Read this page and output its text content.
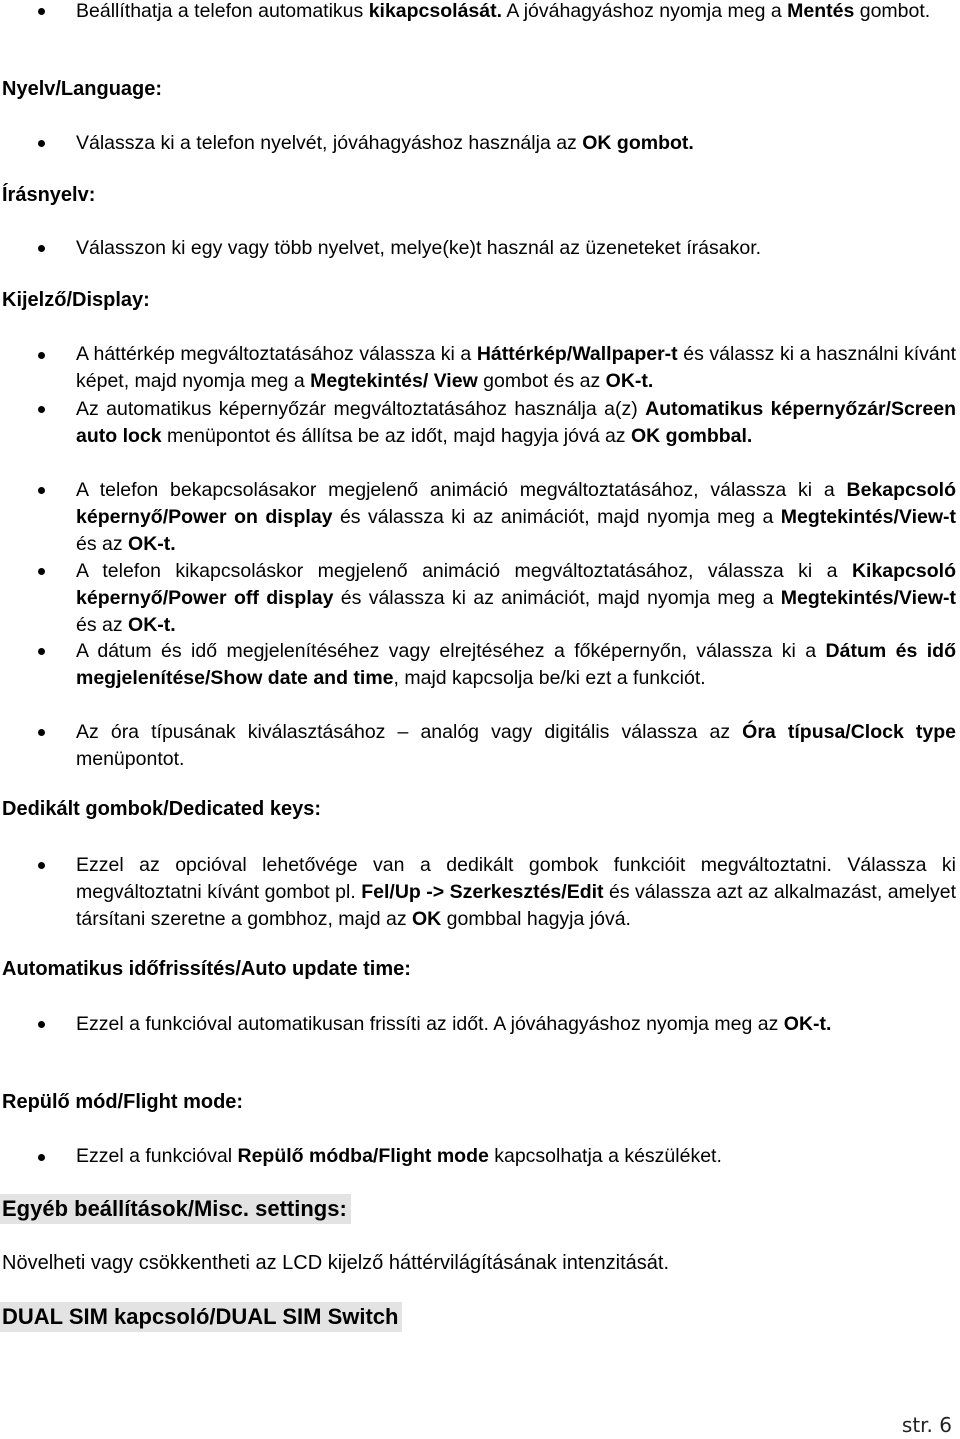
Beállíthatja a telefon automatikus kikapcsolását. A jóváhagyáshoz nyomja meg a Mentés gombot.
Nyelv/Language:
Válassza ki a telefon nyelvét, jóváhagyáshoz használja az OK gombot.
Írásnyelv:
Válasszon ki egy vagy több nyelvet, melye(ke)t használ az üzeneteket írásakor.
Kijelző/Display:
A háttérkép megváltoztatásához válassza ki a Háttérkép/Wallpaper-t és válassz ki a használni kívánt képet, majd nyomja meg a Megtekintés/ View gombot és az OK-t.
Az automatikus képernyőzár megváltoztatásához használja a(z) Automatikus képernyőzár/Screen auto lock menüpontot és állítsa be az időt, majd hagyja jóvá az OK gombbal.
A telefon bekapcsolásakor megjelenő animáció megváltoztatásához, válassza ki a Bekapcsoló képernyő/Power on display és válassza ki az animációt, majd nyomja meg a Megtekintés/View-t és az OK-t.
A telefon kikapcsoláskor megjelenő animáció megváltoztatásához, válassza ki a Kikapcsoló képernyő/Power off display és válassza ki az animációt, majd nyomja meg a Megtekintés/View-t és az OK-t.
A dátum és idő megjelenítéséhez vagy elrejtéséhez a főképernyőn, válassza ki a Dátum és idő megjelenítése/Show date and time, majd kapcsolja be/ki ezt a funkciót.
Az óra típusának kiválasztásához – analóg vagy digitális válassza az Óra típusa/Clock type menüpontot.
Dedikált gombok/Dedicated keys:
Ezzel az opcióval lehetővége van a dedikált gombok funkcióit megváltoztatni. Válassza ki megváltoztatni kívánt gombot pl. Fel/Up -> Szerkesztés/Edit és válassza azt az alkalmazást, amelyet társítani szeretne a gombhoz, majd az OK gombbal hagyja jóvá.
Automatikus időfrissítés/Auto update time:
Ezzel a funkcióval automatikusan frissíti az időt. A jóváhagyáshoz nyomja meg az OK-t.
Repülő mód/Flight mode:
Ezzel a funkcióval Repülő módba/Flight mode kapcsolhatja a készüléket.
Egyéb beállítások/Misc. settings:
Növelheti vagy csökkentheti az LCD kijelző háttérvilágításának intenzitását.
DUAL SIM kapcsoló/DUAL SIM Switch
str. 6
